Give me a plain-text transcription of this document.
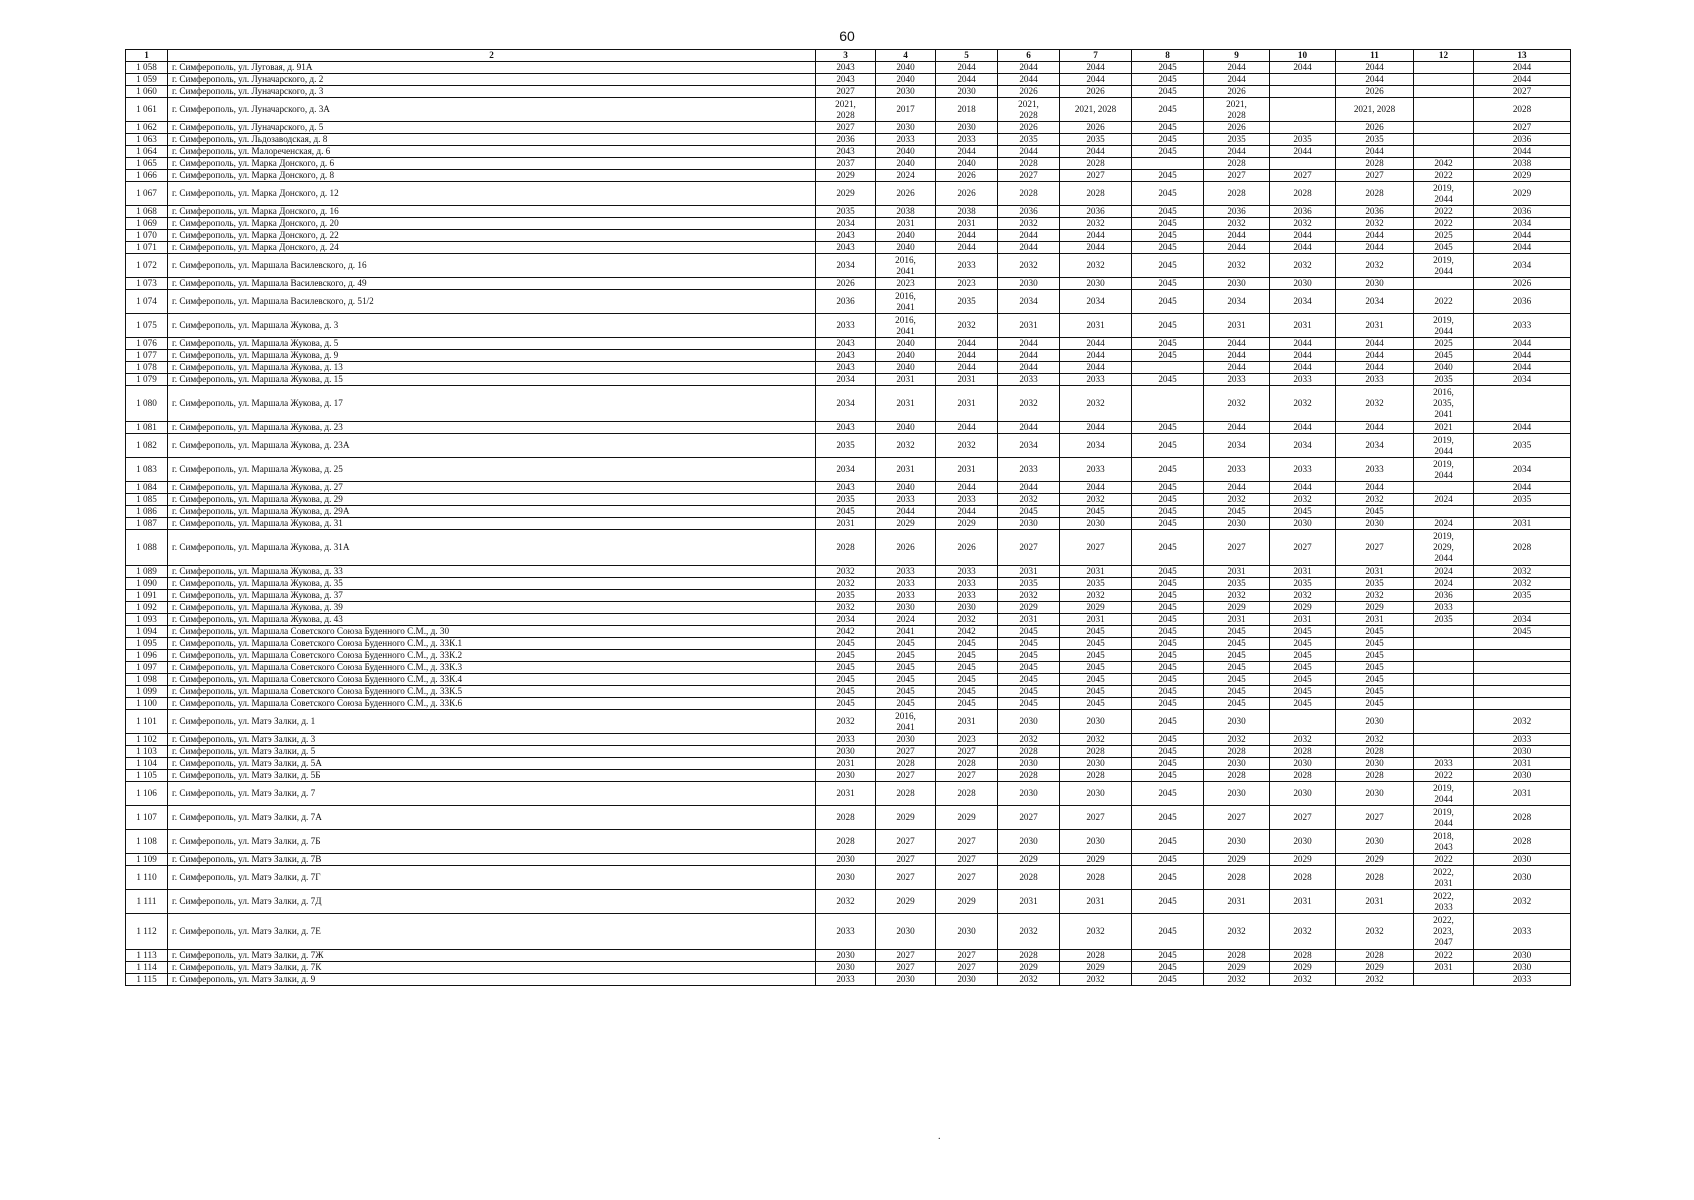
60
1	2	3	4	5	6	7	8	9	10	11	12	13
1 058	г. Симферополь, ул. Луговая, д. 91А	2043	2040	2044	2044	2044	2045	2044	2044	2044		2044
1 059	г. Симферополь, ул. Луначарского, д. 2	2043	2040	2044	2044	2044	2045	2044		2044		2044
1 060	г. Симферополь, ул. Луначарского, д. 3	2027	2030	2030	2026	2026	2045	2026		2026		2027
1 061	г. Симферополь, ул. Луначарского, д. 3А	2021,
2028	2017	2018	2021,
2028	2021, 2028	2045	2021,
2028		2021, 2028		2028
1 062	г. Симферополь, ул. Луначарского, д. 5	2027	2030	2030	2026	2026	2045	2026		2026		2027
1 063	г. Симферополь, ул. Льдозаводская, д. 8	2036	2033	2033	2035	2035	2045	2035	2035	2035		2036
1 064	г. Симферополь, ул. Малореченская, д. 6	2043	2040	2044	2044	2044	2045	2044	2044	2044		2044
1 065	г. Симферополь, ул. Марка Донского, д. 6	2037	2040	2040	2028	2028		2028		2028	2042	2038
1 066	г. Симферополь, ул. Марка Донского, д. 8	2029	2024	2026	2027	2027	2045	2027	2027	2027	2022	2029
1 067	г. Симферополь, ул. Марка Донского, д. 12	2029	2026	2026	2028	2028	2045	2028	2028	2028	2019,
2044	2029
1 068	г. Симферополь, ул. Марка Донского, д. 16	2035	2038	2038	2036	2036	2045	2036	2036	2036	2022	2036
1 069	г. Симферополь, ул. Марка Донского, д. 20	2034	2031	2031	2032	2032	2045	2032	2032	2032	2022	2034
1 070	г. Симферополь, ул. Марка Донского, д. 22	2043	2040	2044	2044	2044	2045	2044	2044	2044	2025	2044
1 071	г. Симферополь, ул. Марка Донского, д. 24	2043	2040	2044	2044	2044	2045	2044	2044	2044	2045	2044
1 072	г. Симферополь, ул. Маршала Василевского, д. 16	2034	2016,
2041	2033	2032	2032	2045	2032	2032	2032	2019,
2044	2034
1 073	г. Симферополь, ул. Маршала Василевского, д. 49	2026	2023	2023	2030	2030	2045	2030	2030	2030		2026
1 074	г. Симферополь, ул. Маршала Василевского, д. 51/2	2036	2016,
2041	2035	2034	2034	2045	2034	2034	2034	2022	2036
1 075	г. Симферополь, ул. Маршала Жукова, д. 3	2033	2016,
2041	2032	2031	2031	2045	2031	2031	2031	2019,
2044	2033
1 076	г. Симферополь, ул. Маршала Жукова, д. 5	2043	2040	2044	2044	2044	2045	2044	2044	2044	2025	2044
1 077	г. Симферополь, ул. Маршала Жукова, д. 9	2043	2040	2044	2044	2044	2045	2044	2044	2044	2045	2044
1 078	г. Симферополь, ул. Маршала Жукова, д. 13	2043	2040	2044	2044	2044		2044	2044	2044	2040	2044
1 079	г. Симферополь, ул. Маршала Жукова, д. 15	2034	2031	2031	2033	2033	2045	2033	2033	2033	2035	2034
1 080	г. Симферополь, ул. Маршала Жукова, д. 17	2034	2031	2031	2032	2032		2032	2032	2032	2016,
2035,
2041	
1 081	г. Симферополь, ул. Маршала Жукова, д. 23	2043	2040	2044	2044	2044	2045	2044	2044	2044	2021	2044
1 082	г. Симферополь, ул. Маршала Жукова, д. 23А	2035	2032	2032	2034	2034	2045	2034	2034	2034	2019,
2044	2035
1 083	г. Симферополь, ул. Маршала Жукова, д. 25	2034	2031	2031	2033	2033	2045	2033	2033	2033	2019,
2044	2034
1 084	г. Симферополь, ул. Маршала Жукова, д. 27	2043	2040	2044	2044	2044	2045	2044	2044	2044		2044
1 085	г. Симферополь, ул. Маршала Жукова, д. 29	2035	2033	2033	2032	2032	2045	2032	2032	2032	2024	2035
1 086	г. Симферополь, ул. Маршала Жукова, д. 29А	2045	2044	2044	2045	2045	2045	2045	2045	2045		
1 087	г. Симферополь, ул. Маршала Жукова, д. 31	2031	2029	2029	2030	2030	2045	2030	2030	2030	2024	2031
1 088	г. Симферополь, ул. Маршала Жукова, д. 31А	2028	2026	2026	2027	2027	2045	2027	2027	2027	2019,
2029,
2044	2028
1 089	г. Симферополь, ул. Маршала Жукова, д. 33	2032	2033	2033	2031	2031	2045	2031	2031	2031	2024	2032
1 090	г. Симферополь, ул. Маршала Жукова, д. 35	2032	2033	2033	2035	2035	2045	2035	2035	2035	2024	2032
1 091	г. Симферополь, ул. Маршала Жукова, д. 37	2035	2033	2033	2032	2032	2045	2032	2032	2032	2036	2035
1 092	г. Симферополь, ул. Маршала Жукова, д. 39	2032	2030	2030	2029	2029	2045	2029	2029	2029	2033	
1 093	г. Симферополь, ул. Маршала Жукова, д. 43	2034	2024	2032	2031	2031	2045	2031	2031	2031	2035	2034
1 094	г. Симферополь, ул. Маршала Советского Союза Буденного С.М., д. 30	2042	2041	2042	2045	2045	2045	2045	2045	2045		2045
1 095	г. Симферополь, ул. Маршала Советского Союза Буденного С.М., д. 33К.1	2045	2045	2045	2045	2045	2045	2045	2045	2045		
1 096	г. Симферополь, ул. Маршала Советского Союза Буденного С.М., д. 33К.2	2045	2045	2045	2045	2045	2045	2045	2045	2045		
1 097	г. Симферополь, ул. Маршала Советского Союза Буденного С.М., д. 33К.3	2045	2045	2045	2045	2045	2045	2045	2045	2045		
1 098	г. Симферополь, ул. Маршала Советского Союза Буденного С.М., д. 33К.4	2045	2045	2045	2045	2045	2045	2045	2045	2045		
1 099	г. Симферополь, ул. Маршала Советского Союза Буденного С.М., д. 33К.5	2045	2045	2045	2045	2045	2045	2045	2045	2045		
1 100	г. Симферополь, ул. Маршала Советского Союза Буденного С.М., д. 33К.6	2045	2045	2045	2045	2045	2045	2045	2045	2045		
1 101	г. Симферополь, ул. Матэ Залки, д. 1	2032	2016,
2041	2031	2030	2030	2045	2030		2030		2032
1 102	г. Симферополь, ул. Матэ Залки, д. 3	2033	2030	2023	2032	2032	2045	2032	2032	2032		2033
1 103	г. Симферополь, ул. Матэ Залки, д. 5	2030	2027	2027	2028	2028	2045	2028	2028	2028		2030
1 104	г. Симферополь, ул. Матэ Залки, д. 5А	2031	2028	2028	2030	2030	2045	2030	2030	2030	2033	2031
1 105	г. Симферополь, ул. Матэ Залки, д. 5Б	2030	2027	2027	2028	2028	2045	2028	2028	2028	2022	2030
1 106	г. Симферополь, ул. Матэ Залки, д. 7	2031	2028	2028	2030	2030	2045	2030	2030	2030	2019,
2044	2031
1 107	г. Симферополь, ул. Матэ Залки, д. 7А	2028	2029	2029	2027	2027	2045	2027	2027	2027	2019,
2044	2028
1 108	г. Симферополь, ул. Матэ Залки, д. 7Б	2028	2027	2027	2030	2030	2045	2030	2030	2030	2018,
2043	2028
1 109	г. Симферополь, ул. Матэ Залки, д. 7В	2030	2027	2027	2029	2029	2045	2029	2029	2029	2022	2030
1 110	г. Симферополь, ул. Матэ Залки, д. 7Г	2030	2027	2027	2028	2028	2045	2028	2028	2028	2022,
2031	2030
1 111	г. Симферополь, ул. Матэ Залки, д. 7Д	2032	2029	2029	2031	2031	2045	2031	2031	2031	2022,
2033	2032
1 112	г. Симферополь, ул. Матэ Залки, д. 7Е	2033	2030	2030	2032	2032	2045	2032	2032	2032	2022,
2023,
2047	2033
1 113	г. Симферополь, ул. Матэ Залки, д. 7Ж	2030	2027	2027	2028	2028	2045	2028	2028	2028	2022	2030
1 114	г. Симферополь, ул. Матэ Залки, д. 7К	2030	2027	2027	2029	2029	2045	2029	2029	2029	2031	2030
1 115	г. Симферополь, ул. Матэ Залки, д. 9	2033	2030	2030	2032	2032	2045	2032	2032	2032		2033
.
